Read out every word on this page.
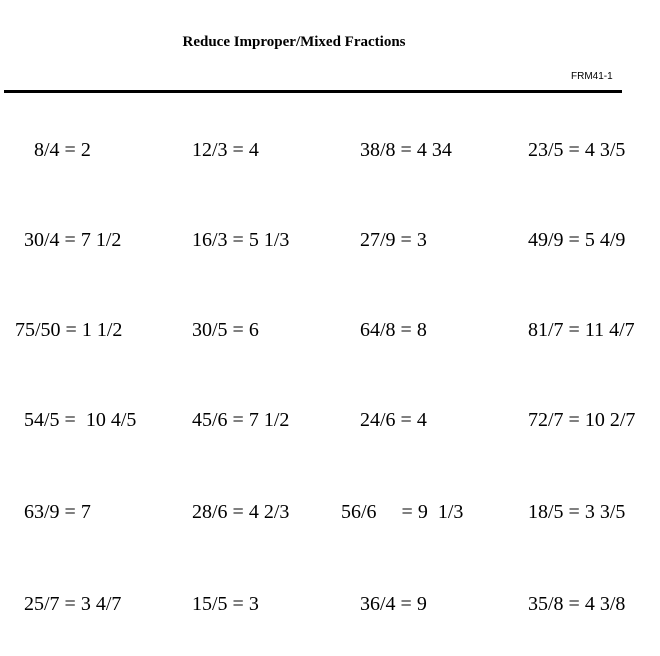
Reduce Improper/Mixed Fractions
FRM41-1
8/4 = 2	12/3 = 4	38/8 = 4 34	23/5 = 4 3/5
30/4 = 7 1/2	16/3 = 5 1/3	27/9 = 3	49/9 = 5 4/9
75/50 = 1 1/2	30/5 = 6	64/8 = 8	81/7 = 11 4/7
54/5 =  10 4/5	45/6 = 7 1/2	24/6 = 4	72/7 = 10 2/7
63/9 = 7	28/6 = 4 2/3	56/6     = 9  1/3	18/5 = 3 3/5
25/7 = 3 4/7	15/5 = 3	36/4 = 9	35/8 = 4 3/8
